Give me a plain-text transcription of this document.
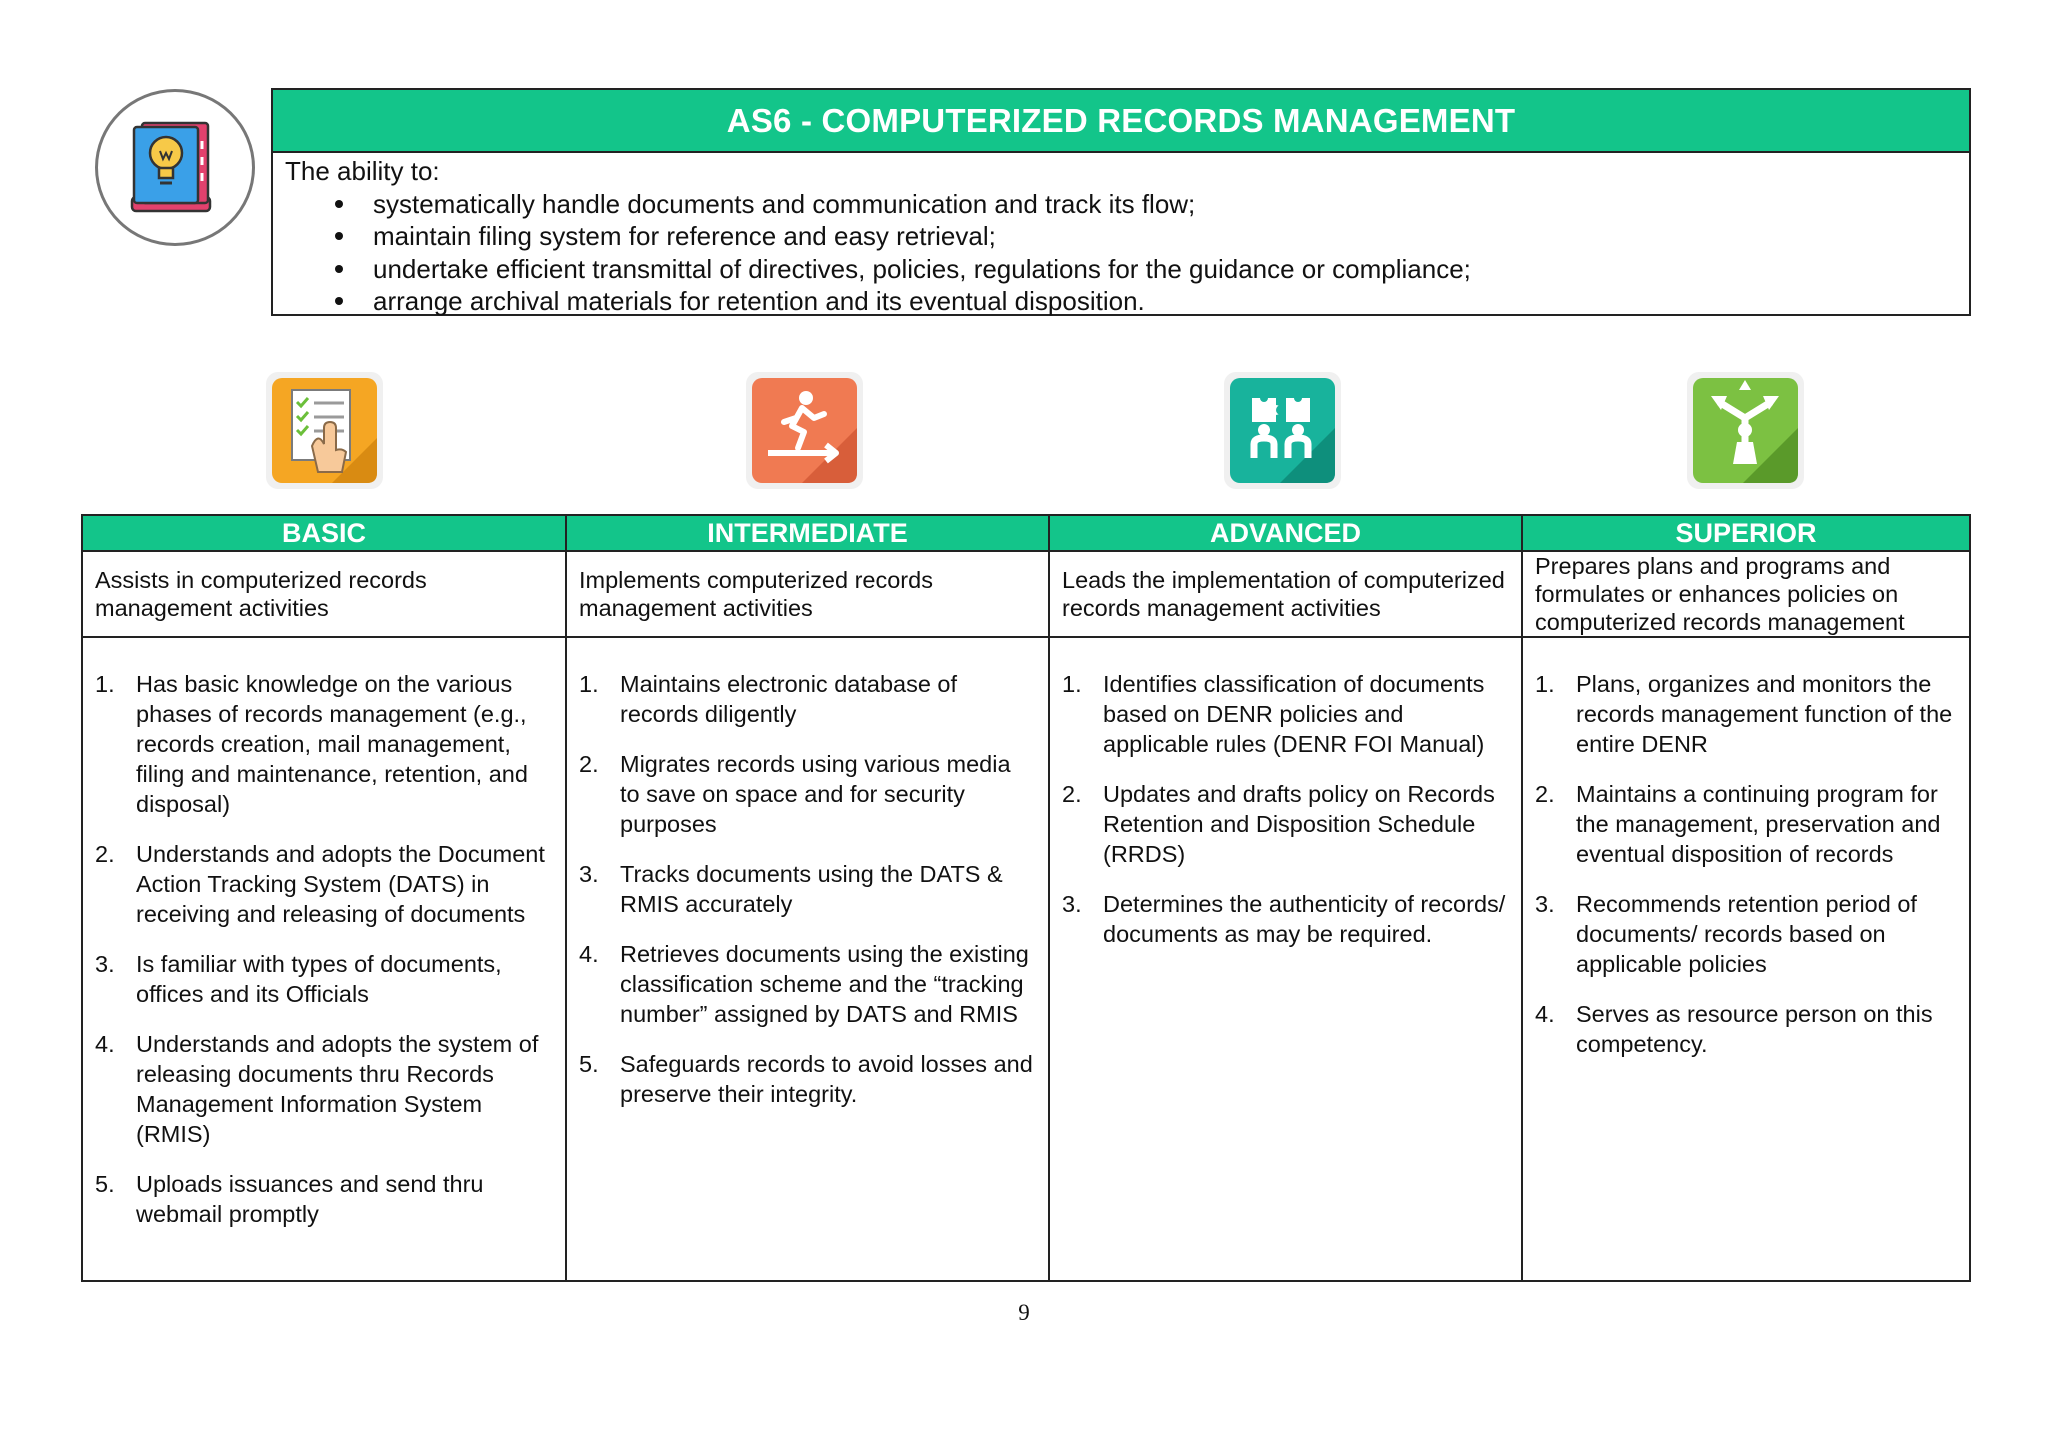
AS6 - COMPUTERIZED RECORDS MANAGEMENT
The ability to:
systematically handle documents and communication and track its flow;
maintain filing system for reference and easy retrieval;
undertake efficient transmittal of directives, policies, regulations for the guidance or compliance;
arrange archival materials for retention and its eventual disposition.
BASIC
Assists in computerized records management activities
1. Has basic knowledge on the various phases of records management (e.g., records creation, mail management, filing and maintenance, retention, and disposal)
2. Understands and adopts the Document Action Tracking System (DATS) in receiving and releasing of documents
3. Is familiar with types of documents, offices and its Officials
4. Understands and adopts the system of releasing documents thru Records Management Information System (RMIS)
5. Uploads issuances and send thru webmail promptly
INTERMEDIATE
Implements computerized records management activities
1. Maintains electronic database of records diligently
2. Migrates records using various media to save on space and for security purposes
3. Tracks documents using the DATS & RMIS accurately
4. Retrieves documents using the existing classification scheme and the “tracking number” assigned by DATS and RMIS
5. Safeguards records to avoid losses and preserve their integrity.
ADVANCED
Leads the implementation of computerized records management activities
1. Identifies classification of documents based on DENR policies and applicable rules (DENR FOI Manual)
2. Updates and drafts policy on Records Retention and Disposition Schedule (RRDS)
3. Determines the authenticity of records/ documents as may be required.
SUPERIOR
Prepares plans and programs and formulates or enhances policies on computerized records management
1. Plans, organizes and monitors the records management function of the entire DENR
2. Maintains a continuing program for the management, preservation and eventual disposition of records
3. Recommends retention period of documents/ records based on applicable policies
4. Serves as resource person on this competency.
9
